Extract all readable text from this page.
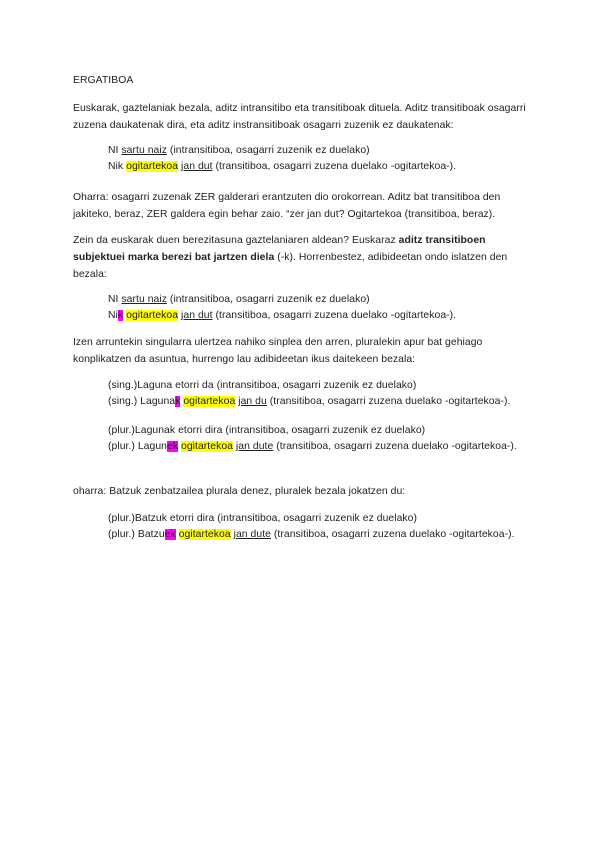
ERGATIBOA

Euskarak, gaztelaniak bezala, aditz intransitibo eta transitiboak dituela. Aditz transitiboak osagarri zuzena daukatenak dira, eta aditz instransitiboak osagarri zuzenik ez daukatenak:

NI sartu naiz (intransitiboa, osagarri zuzenik ez duelako)
Nik ogitartekoa jan dut (transitiboa, osagarri zuzena duelako -ogitartekoa-).

Oharra: osagarri zuzenak ZER galderari erantzuten dio orokorrean. Aditz bat transitiboa den jakiteko, beraz, ZER galdera egin behar zaio. “zer jan dut? Ogitartekoa (transitiboa, beraz).

Zein da euskarak duen berezitasuna gaztelaniaren aldean? Euskaraz aditz transitiboen subjektuei marka berezi bat jartzen diela (-k). Horrenbestez, adibideetan ondo islatzen den bezala:

NI sartu naiz (intransitiboa, osagarri zuzenik ez duelako)
Nik ogitartekoa jan dut (transitiboa, osagarri zuzena duelako -ogitartekoa-).

Izen arruntekin singularra ulertzea nahiko sinplea den arren, pluralekin apur bat gehiago konplikatzen da asuntua, hurrengo lau adibideetan ikus daitekeen bezala:

(sing.)Laguna etorri da (intransitiboa, osagarri zuzenik ez duelako)
(sing.) Lagunak ogitartekoa jan du (transitiboa, osagarri zuzena duelako -ogitartekoa-).
(plur.)Lagunak etorri dira (intransitiboa, osagarri zuzenik ez duelako)
(plur.) Lagunek ogitartekoa jan dute (transitiboa, osagarri zuzena duelako -ogitartekoa-).

oharra: Batzuk zenbatzailea plurala denez, pluralek bezala jokatzen du:

(plur.)Batzuk etorri dira (intransitiboa, osagarri zuzenik ez duelako)
(plur.) Batzuek ogitartekoa jan dute (transitiboa, osagarri zuzena duelako -ogitartekoa-).
